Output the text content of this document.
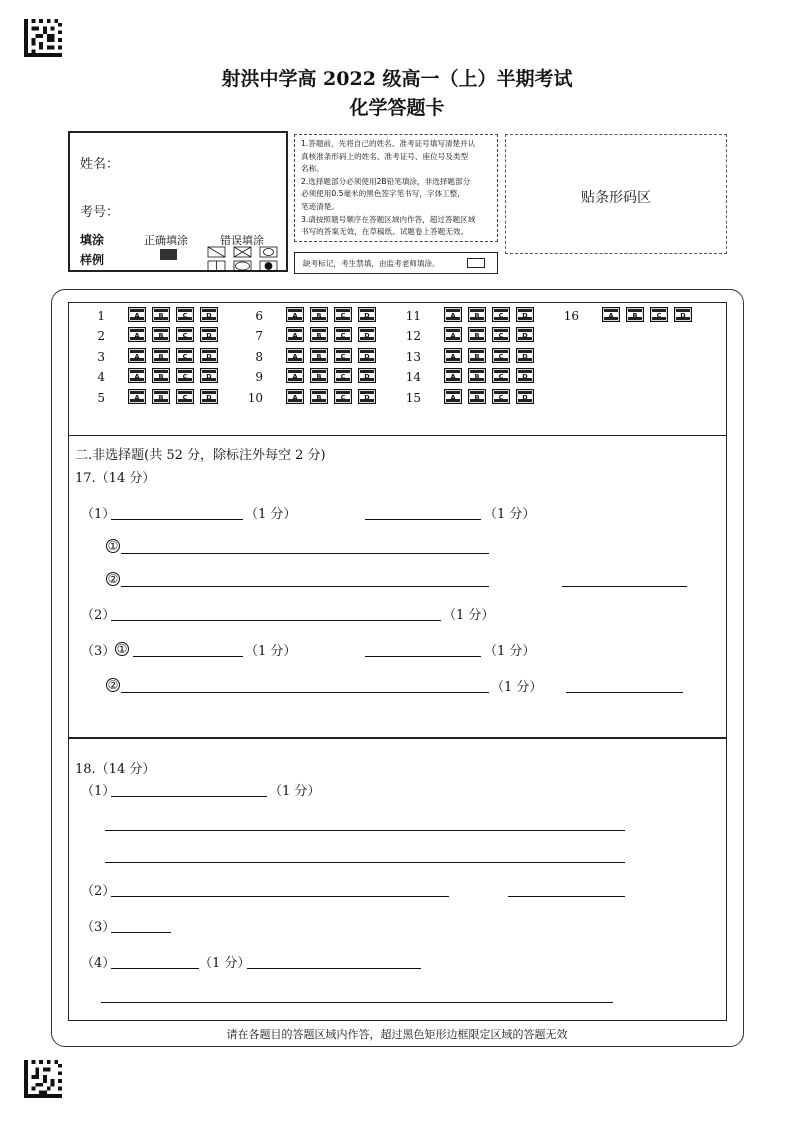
射洪中学高 2022 级高一（上）半期考试
化学答题卡
姓名：
考号：
填涂
样例
正确填涂	错误填涂
1.答题前，先将自己的姓名、准考证号填写清楚并认
真核准条形码上的姓名、准考证号、座位号及类型
名称。
2.选择题部分必须使用2B铅笔填涂，非选择题部分
必须使用0.5毫米的黑色签字笔书写，字体工整，
笔迹清楚。
3.请按照题号顺序在答题区域内作答，超过答题区域
书写的答案无效，在草稿纸、试题卷上答题无效。
缺考标记，考生禁填，由监考老师填涂。
贴条形码区
1	A	B	C	D
2	A	B	C	D
3	A	B	C	D
4	A	B	C	D
5	A	B	C	D
6	A	B	C	D
7	A	B	C	D
8	A	B	C	D
9	A	B	C	D
10	A	B	C	D
11	A	B	C	D
12	A	B	C	D
13	A	B	C	D
14	A	B	C	D
15	A	B	C	D
16	A	B	C	D
二.非选择题(共 52 分，除标注外每空 2 分)
17.（14 分）
（1）	（1 分）	（1 分）
①
②
（2）	（1 分）
（3） ①	（1 分）	（1 分）
②	（1 分）
18.（14 分）
（1）	（1 分）
（2）
（3）
（4）	（1 分）
请在各题目的答题区域内作答，超过黑色矩形边框限定区域的答题无效
